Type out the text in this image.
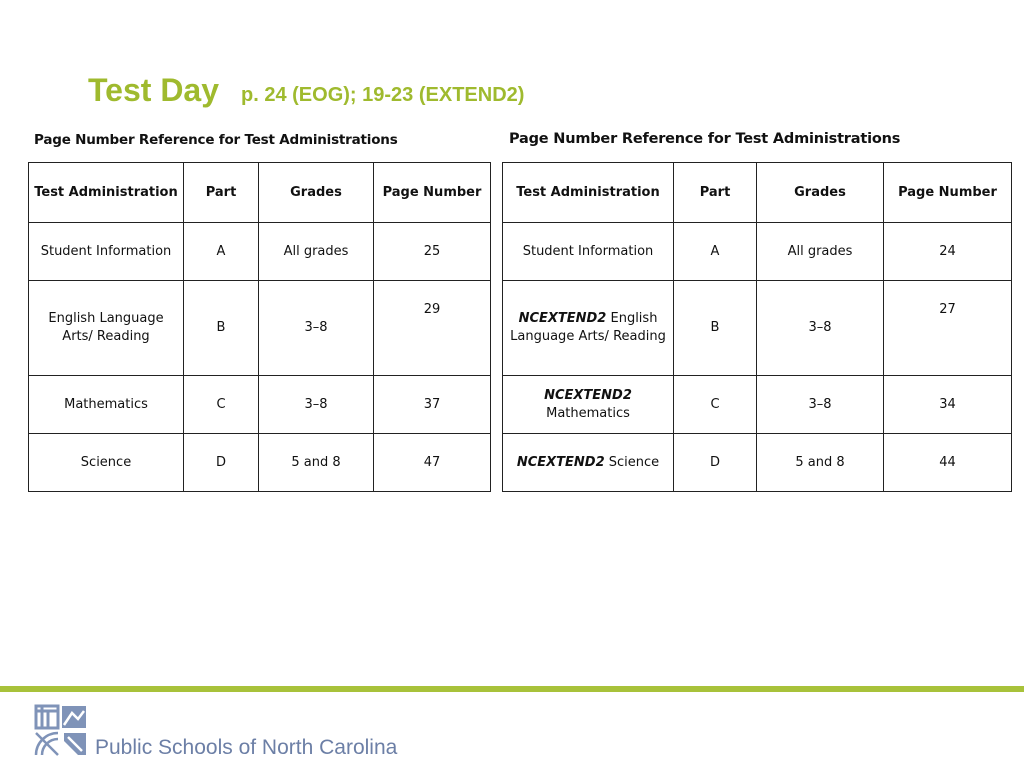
Test Day p. 24 (EOG); 19-23 (EXTEND2)
Page Number Reference for Test Administrations
Test Administration	Part	Grades	Page Number
Student Information	A	All grades	25
English Language Arts/ Reading	B	3–8	29
Mathematics	C	3–8	37
Science	D	5 and 8	47
Page Number Reference for Test Administrations
Test Administration	Part	Grades	Page Number
Student Information	A	All grades	24
NCEXTEND2 English Language Arts/ Reading	B	3–8	27
NCEXTEND2 Mathematics	C	3–8	34
NCEXTEND2 Science	D	5 and 8	44
Public Schools of North Carolina
